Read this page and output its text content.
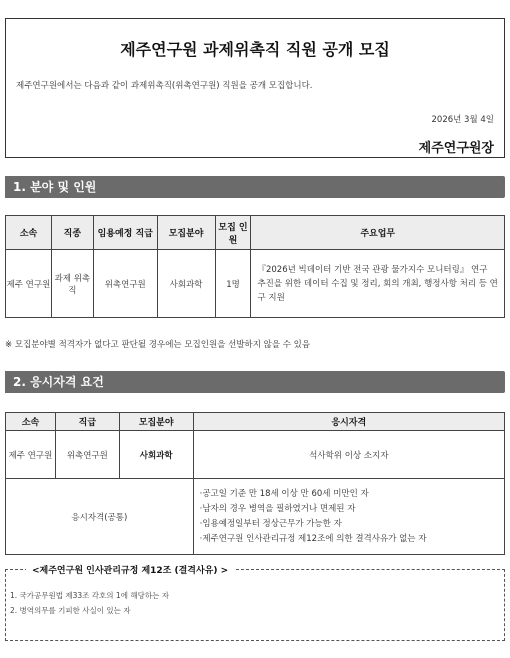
제주연구원 과제위촉직 직원 공개 모집
제주연구원에서는 다음과 같이 과제위촉직(위촉연구원) 직원을 공개 모집합니다.
2026년 3월 4일
제주연구원장
1. 분야 및 인원
소속	직종	임용예정 직급	모집분야	모집 인원	주요업무
제주 연구원	과제 위촉직	위촉연구원	사회과학	1명	『2026년 빅데이터 기반 전국 관광 물가지수 모니터링』 연구 추진을 위한 데이터 수집 및 정리, 회의 개최, 행정사항 처리 등 연구 지원
※ 모집분야별 적격자가 없다고 판단될 경우에는 모집인원을 선발하지 않을 수 있음
2. 응시자격 요건
소속	직급	모집분야	응시자격
제주 연구원	위촉연구원	사회과학	석사학위 이상 소지자
응시자격(공통)			·공고일 기준 만 18세 이상 만 60세 미만인 자
·남자의 경우 병역을 필하였거나 면제된 자
·임용예정일부터 정상근무가 가능한 자
·제주연구원 인사관리규정 제12조에 의한 결격사유가 없는 자
<제주연구원 인사관리규정 제12조 (결격사유) >
1. 국가공무원법 제33조 각호의 1에 해당하는 자
2. 병역의무를 기피한 사실이 있는 자
